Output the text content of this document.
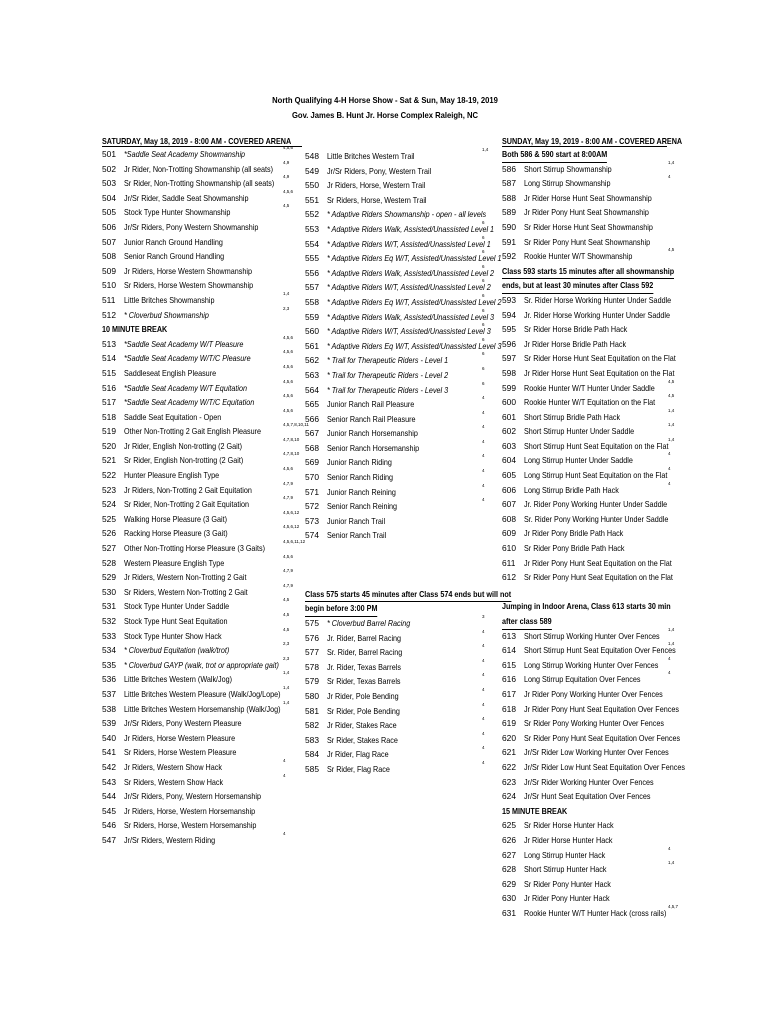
North Qualifying 4-H Horse Show - Sat & Sun, May 18-19, 2019
Gov. James B. Hunt Jr. Horse Complex Raleigh, NC
SATURDAY, May 18, 2019 - 8:00 AM - COVERED ARENA
501 *Saddle Seat Academy Showmanship
4,5,6
502 Jr Rider, Non-Trotting Showmanship (all seats)
4,9
503 Sr Rider, Non-Trotting Showmanship (all seats)
4,9
504 Jr/Sr Rider, Saddle Seat Showmanship
4,5,6
505 Stock Type Hunter Showmanship
4,5
506 Jr/Sr Riders, Pony Western Showmanship
507 Junior Ranch Ground Handling
508 Senior Ranch Ground Handling
509 Jr Riders, Horse Western Showmanship
510 Sr Riders, Horse Western Showmanship
511 Little Britches Showmanship
1,4
512 * Cloverbud Showmanship
2,3
10 MINUTE BREAK
513 *Saddle Seat Academy W/T Pleasure
4,5,6
514 *Saddle Seat Academy W/T/C Pleasure
4,5,6
515 Saddleseat English Pleasure
4,5,6
516 *Saddle Seat Academy W/T Equitation
4,5,6
517 *Saddle Seat Academy W/T/C Equitation
4,5,6
518 Saddle Seat Equitation - Open
4,5,6
519 Other Non-Trotting 2 Gait English Pleasure
4,5,7,8,10,11
520 Jr Rider, English Non-trotting (2 Gait)
4,7,8,10
521 Sr Rider, English Non-trotting (2 Gait)
4,7,8,10
522 Hunter Pleasure English Type
4,5,6
523 Jr Riders, Non-Trotting 2 Gait Equitation
4,7,9
524 Sr Rider, Non-Trotting 2 Gait Equitation
4,7,9
525 Walking Horse Pleasure (3 Gait)
4,5,6,12
526 Racking Horse Pleasure (3 Gait)
4,5,6,12
527 Other Non-Trotting Horse Pleasure (3 Gaits)
4,5,6,11,12
528 Western Pleasure English Type
4,5,6
529 Jr Riders, Western Non-Trotting 2 Gait
4,7,9
530 Sr Riders, Western Non-Trotting 2 Gait
4,7,9
531 Stock Type Hunter Under Saddle
4,5
532 Stock Type Hunt Seat Equitation
4,5
533 Stock Type Hunter Show Hack
4,5
534 * Cloverbud Equitation (walk/trot)
2,3
535 * Cloverbud GAYP (walk, trot or appropriate gait)
2,3
536 Little Britches Western (Walk/Jog)
1,4
537 Little Britches Western Pleasure (Walk/Jog/Lope)
1,4
538 Little Britches Western Horsemanship (Walk/Jog)
1,4
539 Jr/Sr Riders, Pony Western Pleasure
540 Jr Riders, Horse Western Pleasure
541 Sr Riders, Horse Western Pleasure
542 Jr Riders, Western Show Hack
4
543 Sr Riders, Western Show Hack
4
544 Jr/Sr Riders, Pony, Western Horsemanship
545 Jr Riders, Horse, Western Horsemanship
546 Sr Riders, Horse, Western Horsemanship
547 Jr/Sr Riders, Western Riding
4
548 Little Britches Western Trail
1,4
549 Jr/Sr Riders, Pony, Western Trail
550 Jr Riders, Horse, Western Trail
551 Sr Riders, Horse, Western Trail
552 * Adaptive Riders Showmanship - open - all levels
553 * Adaptive Riders Walk, Assisted/Unassisted Level 1
6
554 * Adaptive Riders W/T, Assisted/Unassisted Level 1
6
555 * Adaptive Riders Eq W/T, Assisted/Unassisted Level 1
6
556 * Adaptive Riders Walk, Assisted/Unassisted Level 2
6
557 * Adaptive Riders W/T, Assisted/Unassisted Level 2
6
558 * Adaptive Riders Eq W/T, Assisted/Unassisted Level 2
6
559 * Adaptive Riders Walk, Assisted/Unassisted Level 3
6
560 * Adaptive Riders W/T, Assisted/Unassisted Level 3
6
561 * Adaptive Riders Eq W/T, Assisted/Unassisted Level 3
6
562 * Trail for Therapeutic Riders - Level 1
6
563 * Trail for Therapeutic Riders - Level 2
6
564 * Trail for Therapeutic Riders - Level 3
6
565 Junior Ranch Rail Pleasure
4
566 Senior Ranch Rail Pleasure
4
567 Junior Ranch Horsemanship
4
568 Senior Ranch Horsemanship
4
569 Junior Ranch Riding
4
570 Senior Ranch Riding
4
571 Junior Ranch Reining
4
572 Senior Ranch Reining
4
573 Junior Ranch Trail
574 Senior Ranch Trail
Class 575 starts 45 minutes after Class 574 ends but will not
begin before 3:00 PM
575 * Cloverbud Barrel Racing
3
576 Jr. Rider, Barrel Racing
4
577 Sr. Rider, Barrel Racing
4
578 Jr. Rider, Texas Barrels
4
579 Sr Rider, Texas Barrels
4
580 Jr Rider, Pole Bending
4
581 Sr Rider, Pole Bending
4
582 Jr Rider, Stakes Race
4
583 Sr Rider, Stakes Race
4
584 Jr Rider, Flag Race
4
585 Sr Rider, Flag Race
4
SUNDAY, May 19, 2019 - 8:00 AM - COVERED ARENA
Both 586 & 590 start at 8:00AM
586 Short Stirrup Showmanship
1,4
587 Long Stirrup Showmanship
4
588 Jr Rider Horse Hunt Seat Showmanship
589 Jr Rider Pony Hunt Seat Showmanship
590 Sr Rider Horse Hunt Seat Showmanship
591 Sr Rider Pony Hunt Seat Showmanship
592 Rookie Hunter W/T Showmanship
4,5
Class 593 starts 15 minutes after all showmanship
ends, but at least 30 minutes after Class 592
593 Sr. Rider Horse Working Hunter Under Saddle
594 Jr. Rider Horse Working Hunter Under Saddle
595 Sr Rider Horse Bridle Path Hack
596 Jr Rider Horse Bridle Path Hack
597 Sr Rider Horse Hunt Seat Equitation on the Flat
598 Jr Rider Horse Hunt Seat Equitation on the Flat
599 Rookie Hunter W/T Hunter Under Saddle
4,5
600 Rookie Hunter W/T Equitation on the Flat
4,5
601 Short Stirrup Bridle Path Hack
1,4
602 Short Stirrup Hunter Under Saddle
1,4
603 Short Stirrup Hunt Seat Equitation on the Flat
1,4
604 Long Stirrup Hunter Under Saddle
4
605 Long Stirrup Hunt Seat Equitation on the Flat
4
606 Long Stirrup Bridle Path Hack
4
607 Jr. Rider Pony Working Hunter Under Saddle
608 Sr. Rider Pony Working Hunter Under Saddle
609 Jr Rider Pony Bridle Path Hack
610 Sr Rider Pony Bridle Path Hack
611 Jr Rider Pony Hunt Seat Equitation on the Flat
612 Sr Rider Pony Hunt Seat Equitation on the Flat
Jumping in Indoor Arena, Class 613 starts 30 min
after class 589
613 Short Stirrup Working Hunter Over Fences
1,4
614 Short Stirrup Hunt Seat Equitation Over Fences
1,4
615 Long Stirrup Working Hunter Over Fences
4
616 Long Stirrup Equitation Over Fences
4
617 Jr Rider Pony Working Hunter Over Fences
618 Jr Rider Pony Hunt Seat Equitation Over Fences
619 Sr Rider Pony Working Hunter Over Fences
620 Sr Rider Pony Hunt Seat Equitation Over Fences
621 Jr/Sr Rider Low Working Hunter Over Fences
622 Jr/Sr Rider Low Hunt Seat Equitation Over Fences
623 Jr/Sr Rider Working Hunter Over Fences
624 Jr/Sr Hunt Seat Equitation Over Fences
15 MINUTE BREAK
625 Sr Rider Horse Hunter Hack
626 Jr Rider Horse Hunter Hack
627 Long Stirrup Hunter Hack
4
628 Short Stirrup Hunter Hack
1,4
629 Sr Rider Pony Hunter Hack
630 Jr Rider Pony Hunter Hack
631 Rookie Hunter W/T Hunter Hack (cross rails)
4,5,7
